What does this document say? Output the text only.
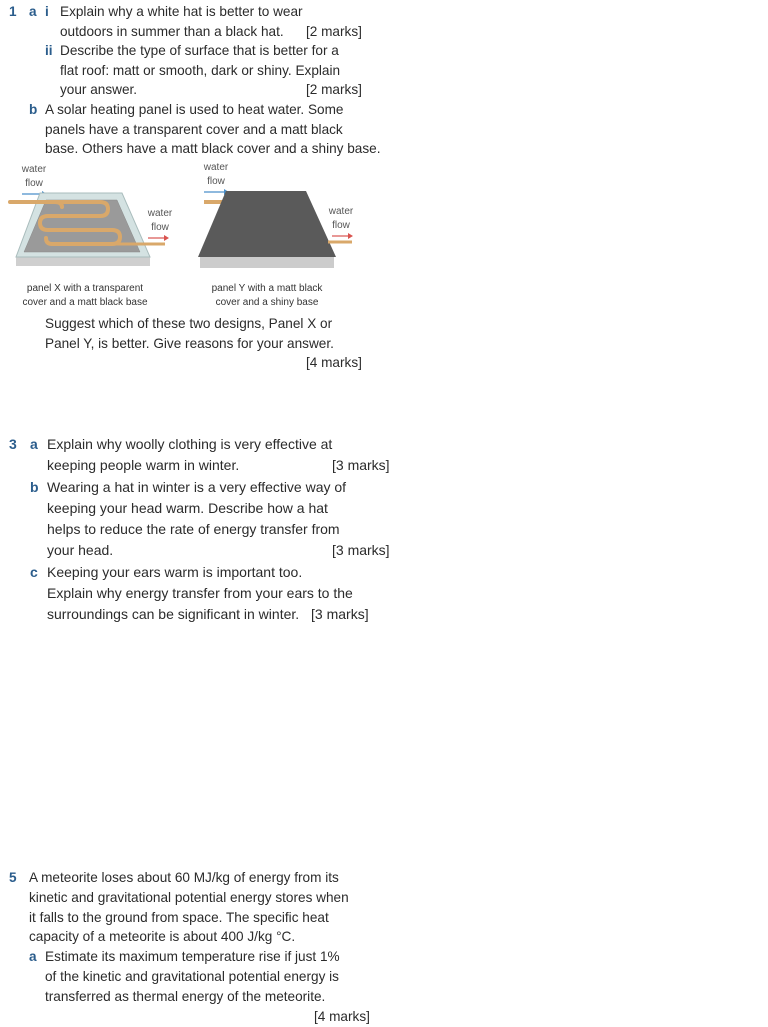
1 a i Explain why a white hat is better to wear
outdoors in summer than a black hat.	[2 marks]
ii Describe the type of surface that is better for a
flat roof: matt or smooth, dark or shiny. Explain
your answer.	[2 marks]
b A solar heating panel is used to heat water. Some
panels have a transparent cover and a matt black
base. Others have a matt black cover and a shiny base.
water
flow
water
flow
panel X with a transparent
cover and a matt black base
water
flow
water
flow
panel Y with a matt black
cover and a shiny base
Suggest which of these two designs, Panel X or
Panel Y, is better. Give reasons for your answer.
[4 marks]
3 a Explain why woolly clothing is very effective at
keeping people warm in winter.	[3 marks]
b Wearing a hat in winter is a very effective way of
keeping your head warm. Describe how a hat
helps to reduce the rate of energy transfer from
your head.	[3 marks]
c Keeping your ears warm is important too.
Explain why energy transfer from your ears to the
surroundings can be significant in winter. [3 marks]
5 A meteorite loses about 60 MJ/kg of energy from its
kinetic and gravitational potential energy stores when
it falls to the ground from space. The specific heat
capacity of a meteorite is about 400 J/kg °C.
a Estimate its maximum temperature rise if just 1%
of the kinetic and gravitational potential energy is
transferred as thermal energy of the meteorite.
[4 marks]
